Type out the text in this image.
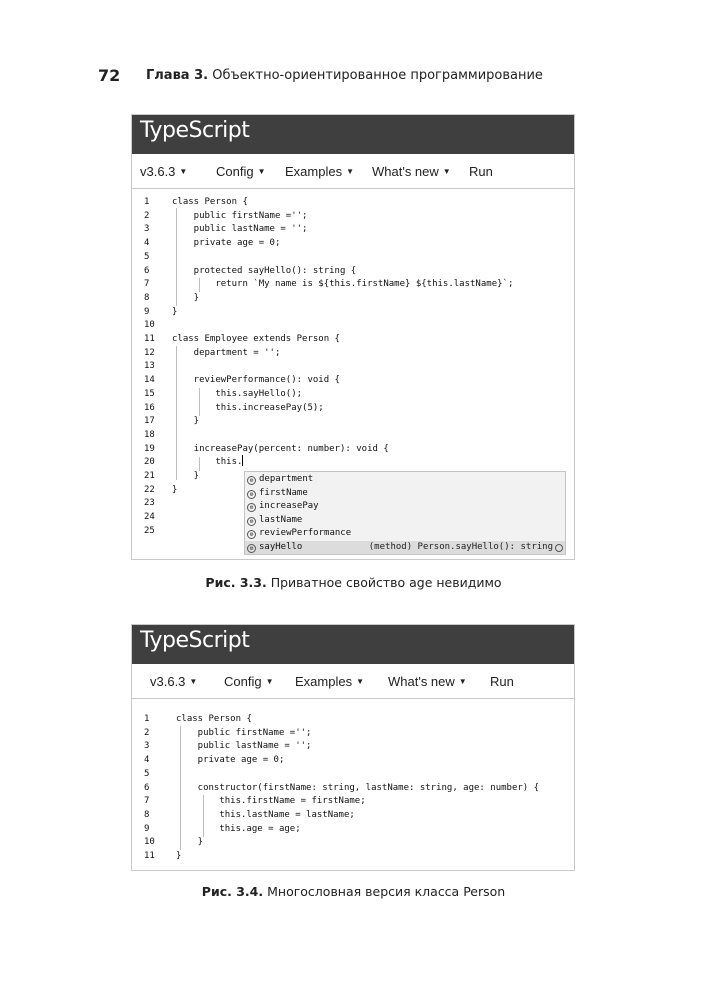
72 Глава 3. Объектно-ориентированное программирование
TypeScript
v3.6.3 ▼ Config ▼ Examples ▼ What's new ▼ Run
1	class Person {
2	public firstName ='';
3	public lastName = '';
4	private age = 0;
5
6	protected sayHello(): string {
7	return `My name is ${this.firstName} ${this.lastName}`;
8	}
9	}
10
11	class Employee extends Person {
12	department = '';
13
14	reviewPerformance(): void {
15	this.sayHello();
16	this.increasePay(5);
17	}
18
19	increasePay(percent: number): void {
20	this.
21	}
22	}
23
24
25
⚙ department
⚙ firstName
⚙ increasePay
⚙ lastName
⚙ reviewPerformance
⚙ sayHello	(method) Person.sayHello(): string
Рис. 3.3. Приватное свойство age невидимо
TypeScript
v3.6.3 ▼ Config ▼ Examples ▼ What's new ▼ Run
1	class Person {
2	public firstName ='';
3	public lastName = '';
4	private age = 0;
5
6	constructor(firstName: string, lastName: string, age: number) {
7	this.firstName = firstName;
8	this.lastName = lastName;
9	this.age = age;
10	}
11	}
Рис. 3.4. Многословная версия класса Person
